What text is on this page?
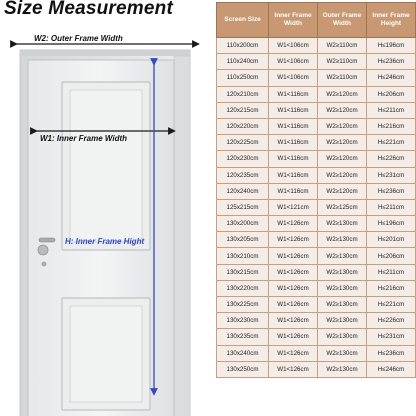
Size Measurement
W2: Outer Frame Width
W1: Inner Frame Width
H: Inner Frame Hight
Screen Size	Inner Frame Width	Outer Frame Width	Inner Frame Height
110x200cm	W1<106cm	W2≥110cm	H≤196cm
110x240cm	W1<106cm	W2≥110cm	H≤236cm
110x250cm	W1<106cm	W2≥110cm	H≤246cm
120x210cm	W1<116cm	W2≥120cm	H≤206cm
120x215cm	W1<116cm	W2≥120cm	H≤211cm
120x220cm	W1<116cm	W2≥120cm	H≤216cm
120x225cm	W1<116cm	W2≥120cm	H≤221cm
120x230cm	W1<116cm	W2≥120cm	H≤226cm
120x235cm	W1<116cm	W2≥120cm	H≤231cm
120x240cm	W1<116cm	W2≥120cm	H≤236cm
125x215cm	W1<121cm	W2≥125cm	H≤211cm
130x200cm	W1<126cm	W2≥130cm	H≤196cm
130x205cm	W1<126cm	W2≥130cm	H≤201cm
130x210cm	W1<126cm	W2≥130cm	H≤206cm
130x215cm	W1<126cm	W2≥130cm	H≤211cm
130x220cm	W1<126cm	W2≥130cm	H≤216cm
130x225cm	W1<126cm	W2≥130cm	H≤221cm
130x230cm	W1<126cm	W2≥130cm	H≤226cm
130x235cm	W1<126cm	W2≥130cm	H≤231cm
130x240cm	W1<126cm	W2≥130cm	H≤236cm
130x250cm	W1<126cm	W2≥130cm	H≤246cm
